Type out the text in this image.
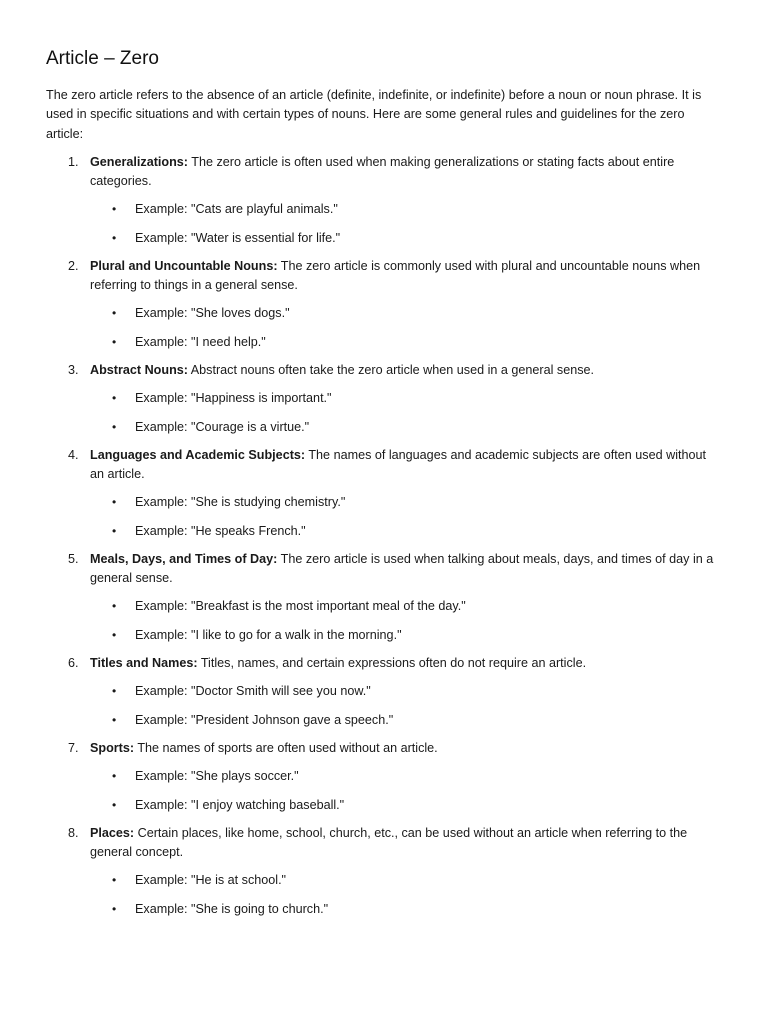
Article – Zero

The zero article refers to the absence of an article (definite, indefinite, or indefinite) before a noun or noun phrase. It is used in specific situations and with certain types of nouns. Here are some general rules and guidelines for the zero article:

1. Generalizations: The zero article is often used when making generalizations or stating facts about entire categories.
• Example: "Cats are playful animals."
• Example: "Water is essential for life."
2. Plural and Uncountable Nouns: The zero article is commonly used with plural and uncountable nouns when referring to things in a general sense.
• Example: "She loves dogs."
• Example: "I need help."
3. Abstract Nouns: Abstract nouns often take the zero article when used in a general sense.
• Example: "Happiness is important."
• Example: "Courage is a virtue."
4. Languages and Academic Subjects: The names of languages and academic subjects are often used without an article.
• Example: "She is studying chemistry."
• Example: "He speaks French."
5. Meals, Days, and Times of Day: The zero article is used when talking about meals, days, and times of day in a general sense.
• Example: "Breakfast is the most important meal of the day."
• Example: "I like to go for a walk in the morning."
6. Titles and Names: Titles, names, and certain expressions often do not require an article.
• Example: "Doctor Smith will see you now."
• Example: "President Johnson gave a speech."
7. Sports: The names of sports are often used without an article.
• Example: "She plays soccer."
• Example: "I enjoy watching baseball."
8. Places: Certain places, like home, school, church, etc., can be used without an article when referring to the general concept.
• Example: "He is at school."
• Example: "She is going to church."
